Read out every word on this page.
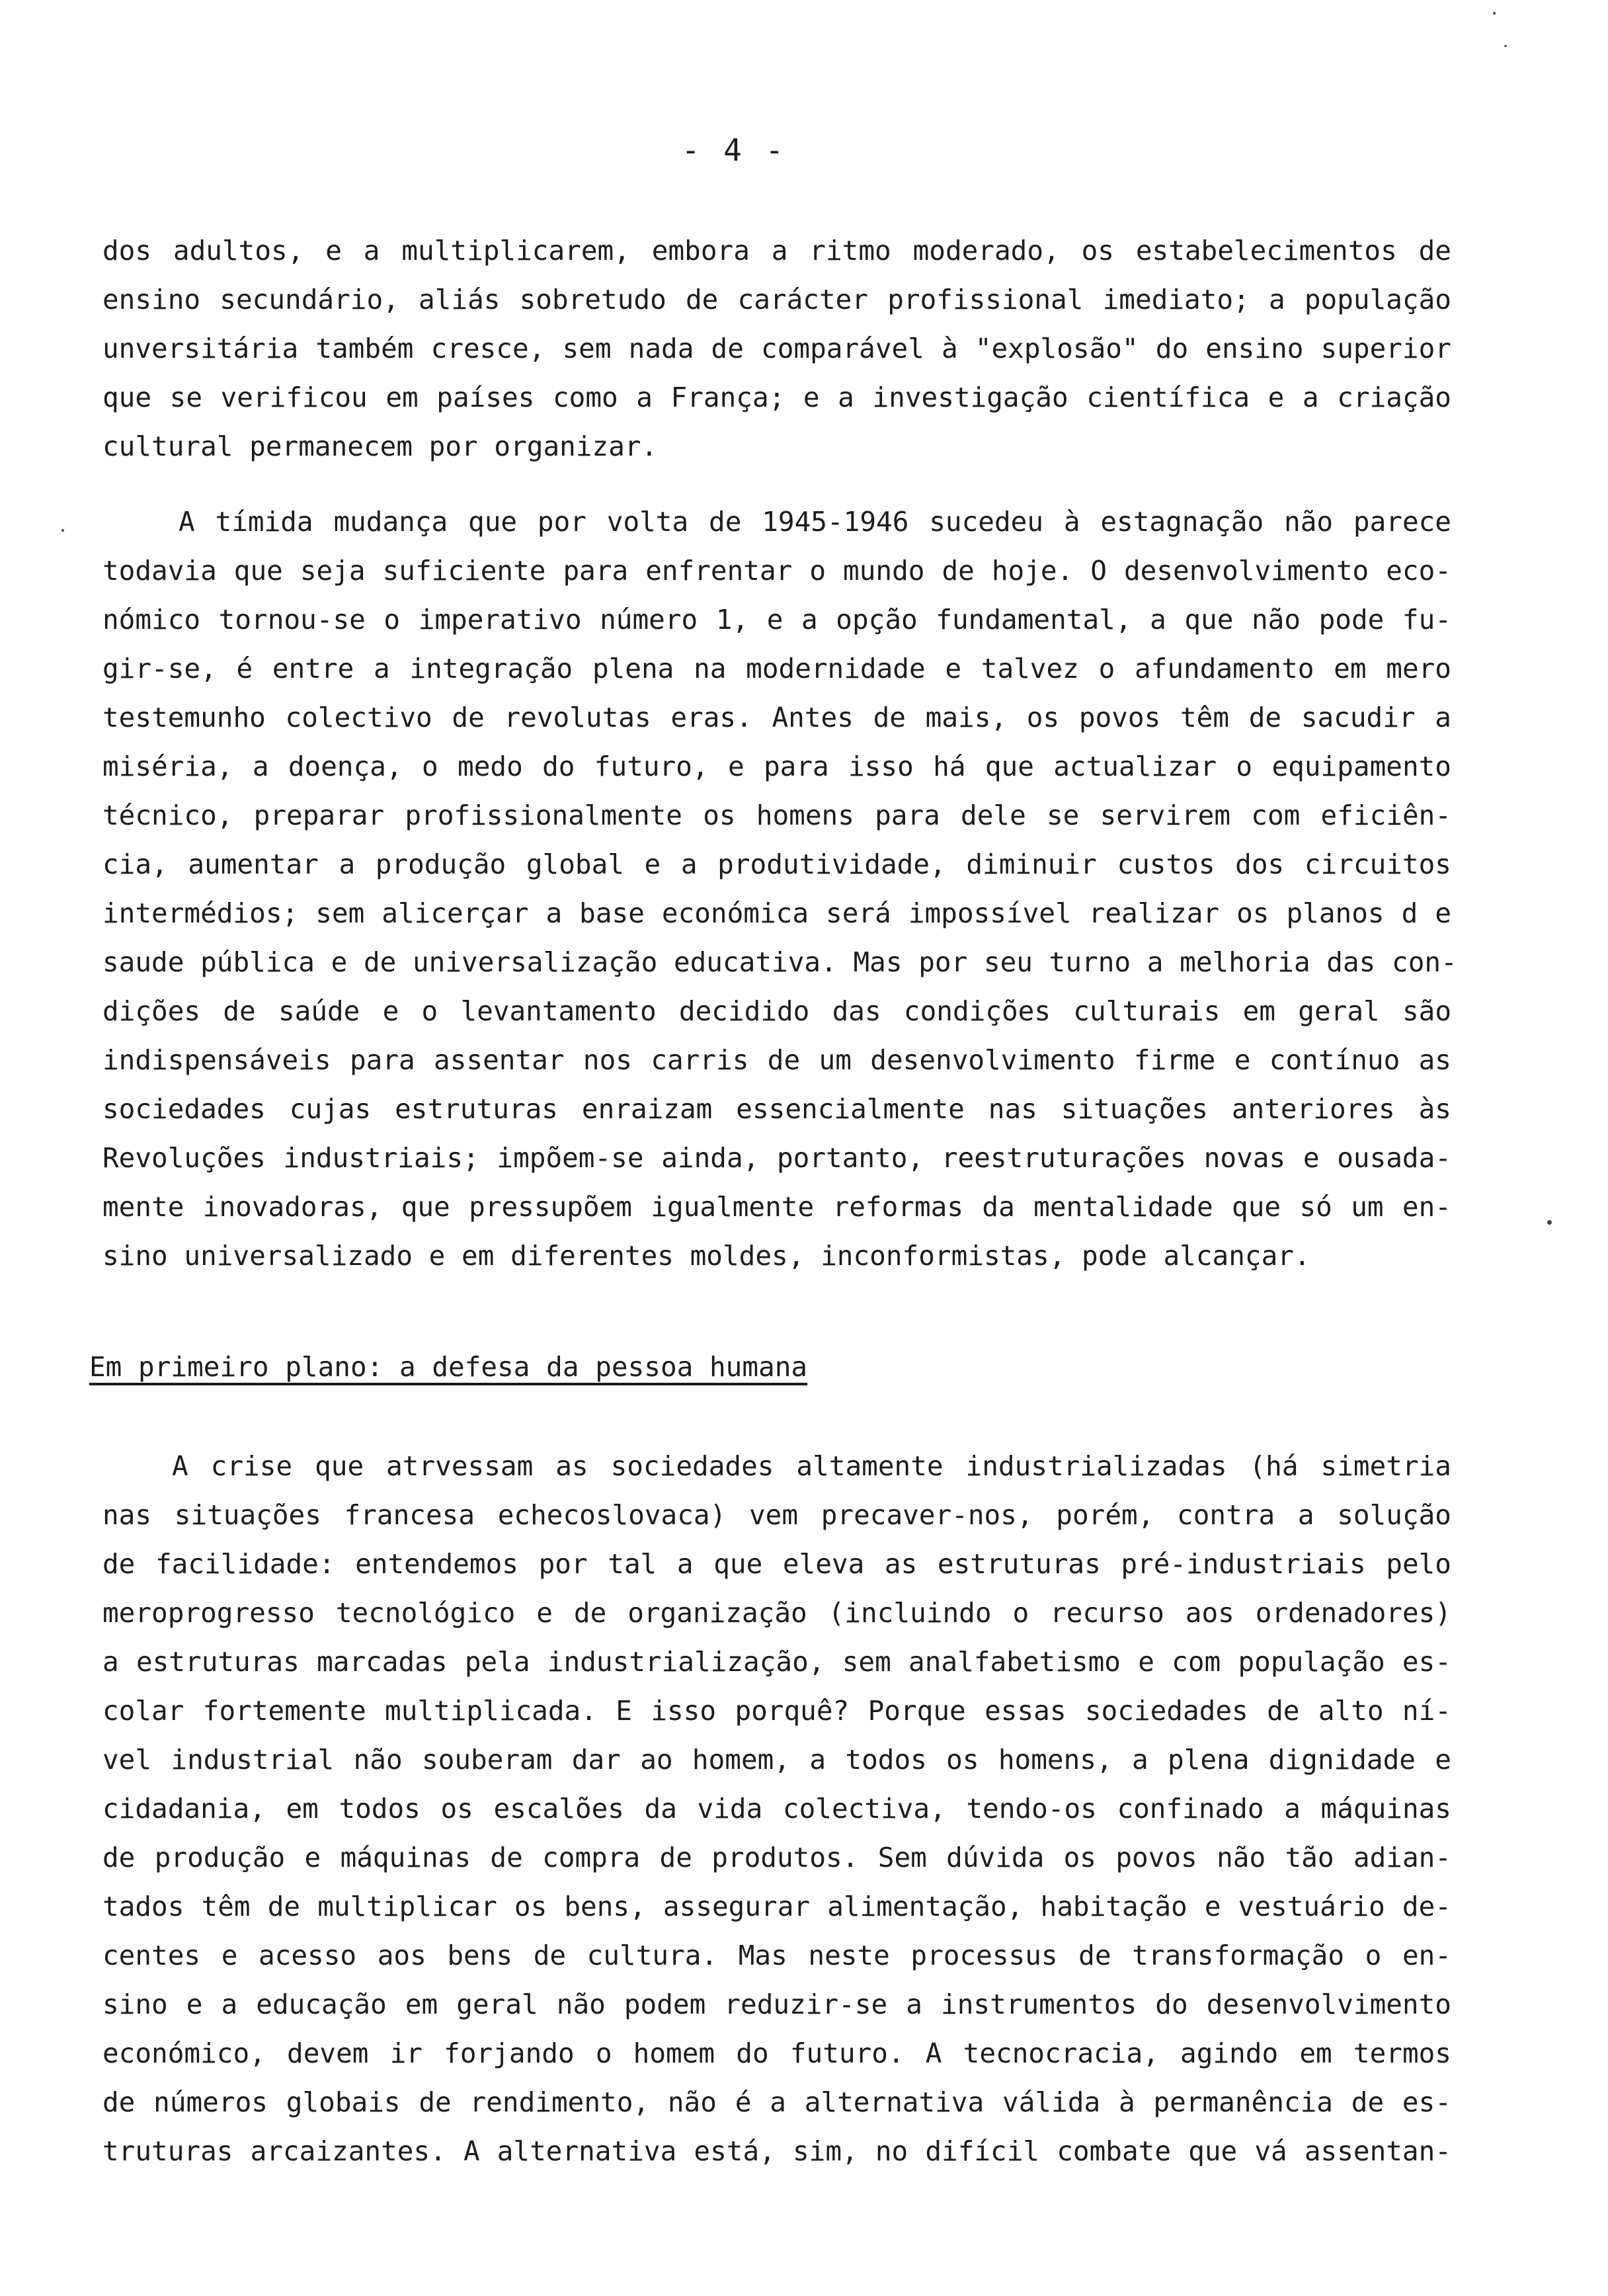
- 4 -
dos adultos, e a multiplicarem, embora a ritmo moderado, os estabelecimentos de
ensino secundário, aliás sobretudo de carácter profissional imediato; a população
unversitária também cresce, sem nada de comparável à "explosão" do ensino superior
que se verificou em países como a França; e a investigação científica e a criação
cultural permanecem por organizar.
A tímida mudança que por volta de 1945-1946 sucedeu à estagnação não parece
todavia que seja suficiente para enfrentar o mundo de hoje. O desenvolvimento eco-
nómico tornou-se o imperativo número 1, e a opção fundamental, a que não pode fu-
gir-se, é entre a integração plena na modernidade e talvez o afundamento em mero
testemunho colectivo de revolutas eras. Antes de mais, os povos têm de sacudir a
miséria, a doença, o medo do futuro, e para isso há que actualizar o equipamento
técnico, preparar profissionalmente os homens para dele se servirem com eficiên-
cia, aumentar a produção global e a produtividade, diminuir custos dos circuitos
intermédios; sem alicerçar a base económica será impossível realizar os planos d e
saude pública e de universalização educativa. Mas por seu turno a melhoria das con-
dições de saúde e o levantamento decidido das condições culturais em geral são
indispensáveis para assentar nos carris de um desenvolvimento firme e contínuo as
sociedades cujas estruturas enraizam essencialmente nas situações anteriores às
Revoluções industriais; impõem-se ainda, portanto, reestruturações novas e ousada-
mente inovadoras, que pressupõem igualmente reformas da mentalidade que só um en-
sino universalizado e em diferentes moldes, inconformistas, pode alcançar.
Em primeiro plano: a defesa da pessoa humana
A crise que atrvessam as sociedades altamente industrializadas (há simetria
nas situações francesa echecoslovaca) vem precaver-nos, porém, contra a solução
de facilidade: entendemos por tal a que eleva as estruturas pré-industriais pelo
meroprogresso tecnológico e de organização (incluindo o recurso aos ordenadores)
a estruturas marcadas pela industrialização, sem analfabetismo e com população es-
colar fortemente multiplicada. E isso porquê? Porque essas sociedades de alto ní-
vel industrial não souberam dar ao homem, a todos os homens, a plena dignidade e
cidadania, em todos os escalões da vida colectiva, tendo-os confinado a máquinas
de produção e máquinas de compra de produtos. Sem dúvida os povos não tão adian-
tados têm de multiplicar os bens, assegurar alimentação, habitação e vestuário de-
centes e acesso aos bens de cultura. Mas neste processus de transformação o en-
sino e a educação em geral não podem reduzir-se a instrumentos do desenvolvimento
económico, devem ir forjando o homem do futuro. A tecnocracia, agindo em termos
de números globais de rendimento, não é a alternativa válida à permanência de es-
truturas arcaizantes. A alternativa está, sim, no difícil combate que vá assentan-
